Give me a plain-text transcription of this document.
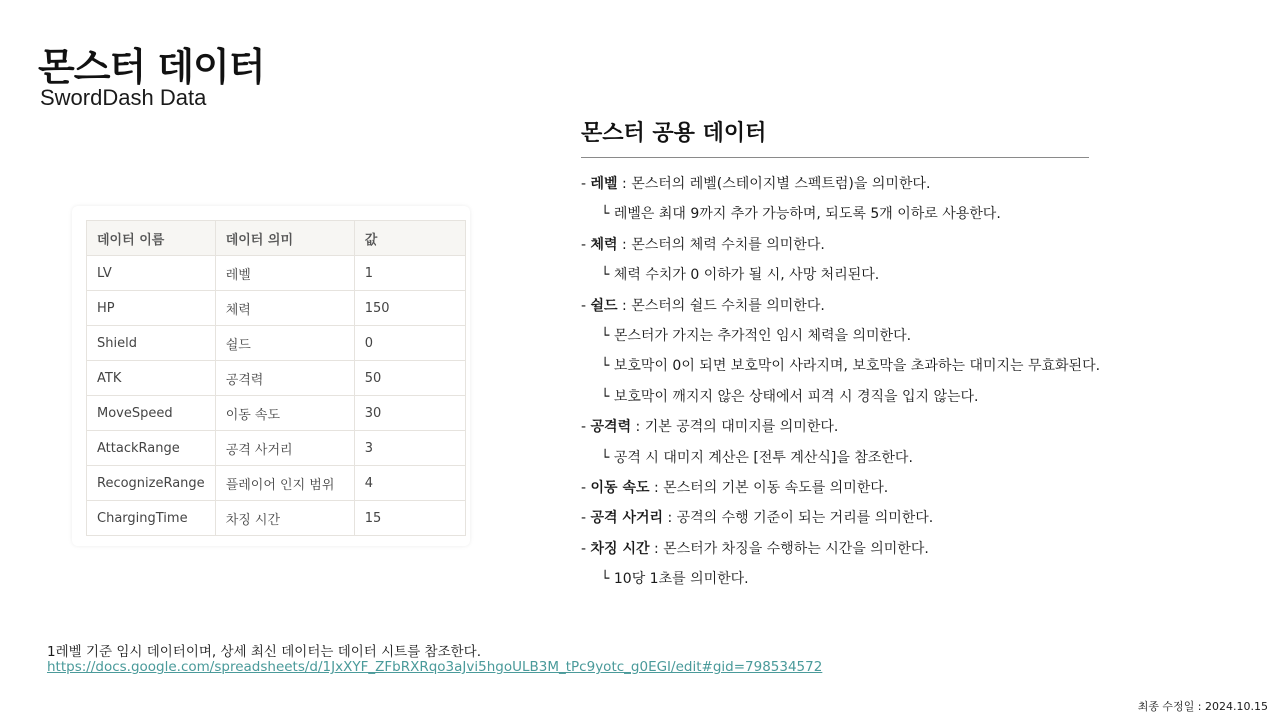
몬스터 데이터
SwordDash Data
데이터 이름	데이터 의미	값
LV	레벨	1
HP	체력	150
Shield	쉴드	0
ATK	공격력	50
MoveSpeed	이동 속도	30
AttackRange	공격 사거리	3
RecognizeRange	플레이어 인지 범위	4
ChargingTime	차징 시간	15
몬스터 공용 데이터
- 레벨 : 몬스터의 레벨(스테이지별 스펙트럼)을 의미한다.
└ 레벨은 최대 9까지 추가 가능하며, 되도록 5개 이하로 사용한다.
- 체력 : 몬스터의 체력 수치를 의미한다.
└ 체력 수치가 0 이하가 될 시, 사망 처리된다.
- 쉴드 : 몬스터의 쉴드 수치를 의미한다.
└ 몬스터가 가지는 추가적인 임시 체력을 의미한다.
└ 보호막이 0이 되면 보호막이 사라지며, 보호막을 초과하는 대미지는 무효화된다.
└ 보호막이 깨지지 않은 상태에서 피격 시 경직을 입지 않는다.
- 공격력 : 기본 공격의 대미지를 의미한다.
└ 공격 시 대미지 계산은 [전투 계산식]을 참조한다.
- 이동 속도 : 몬스터의 기본 이동 속도를 의미한다.
- 공격 사거리 : 공격의 수행 기준이 되는 거리를 의미한다.
- 차징 시간 : 몬스터가 차징을 수행하는 시간을 의미한다.
└ 10당 1초를 의미한다.
1레벨 기준 임시 데이터이며, 상세 최신 데이터는 데이터 시트를 참조한다.
https://docs.google.com/spreadsheets/d/1JxXYF_ZFbRXRqo3aJvi5hgoULB3M_tPc9yotc_g0EGI/edit#gid=798534572
최종 수정일 : 2024.10.15
